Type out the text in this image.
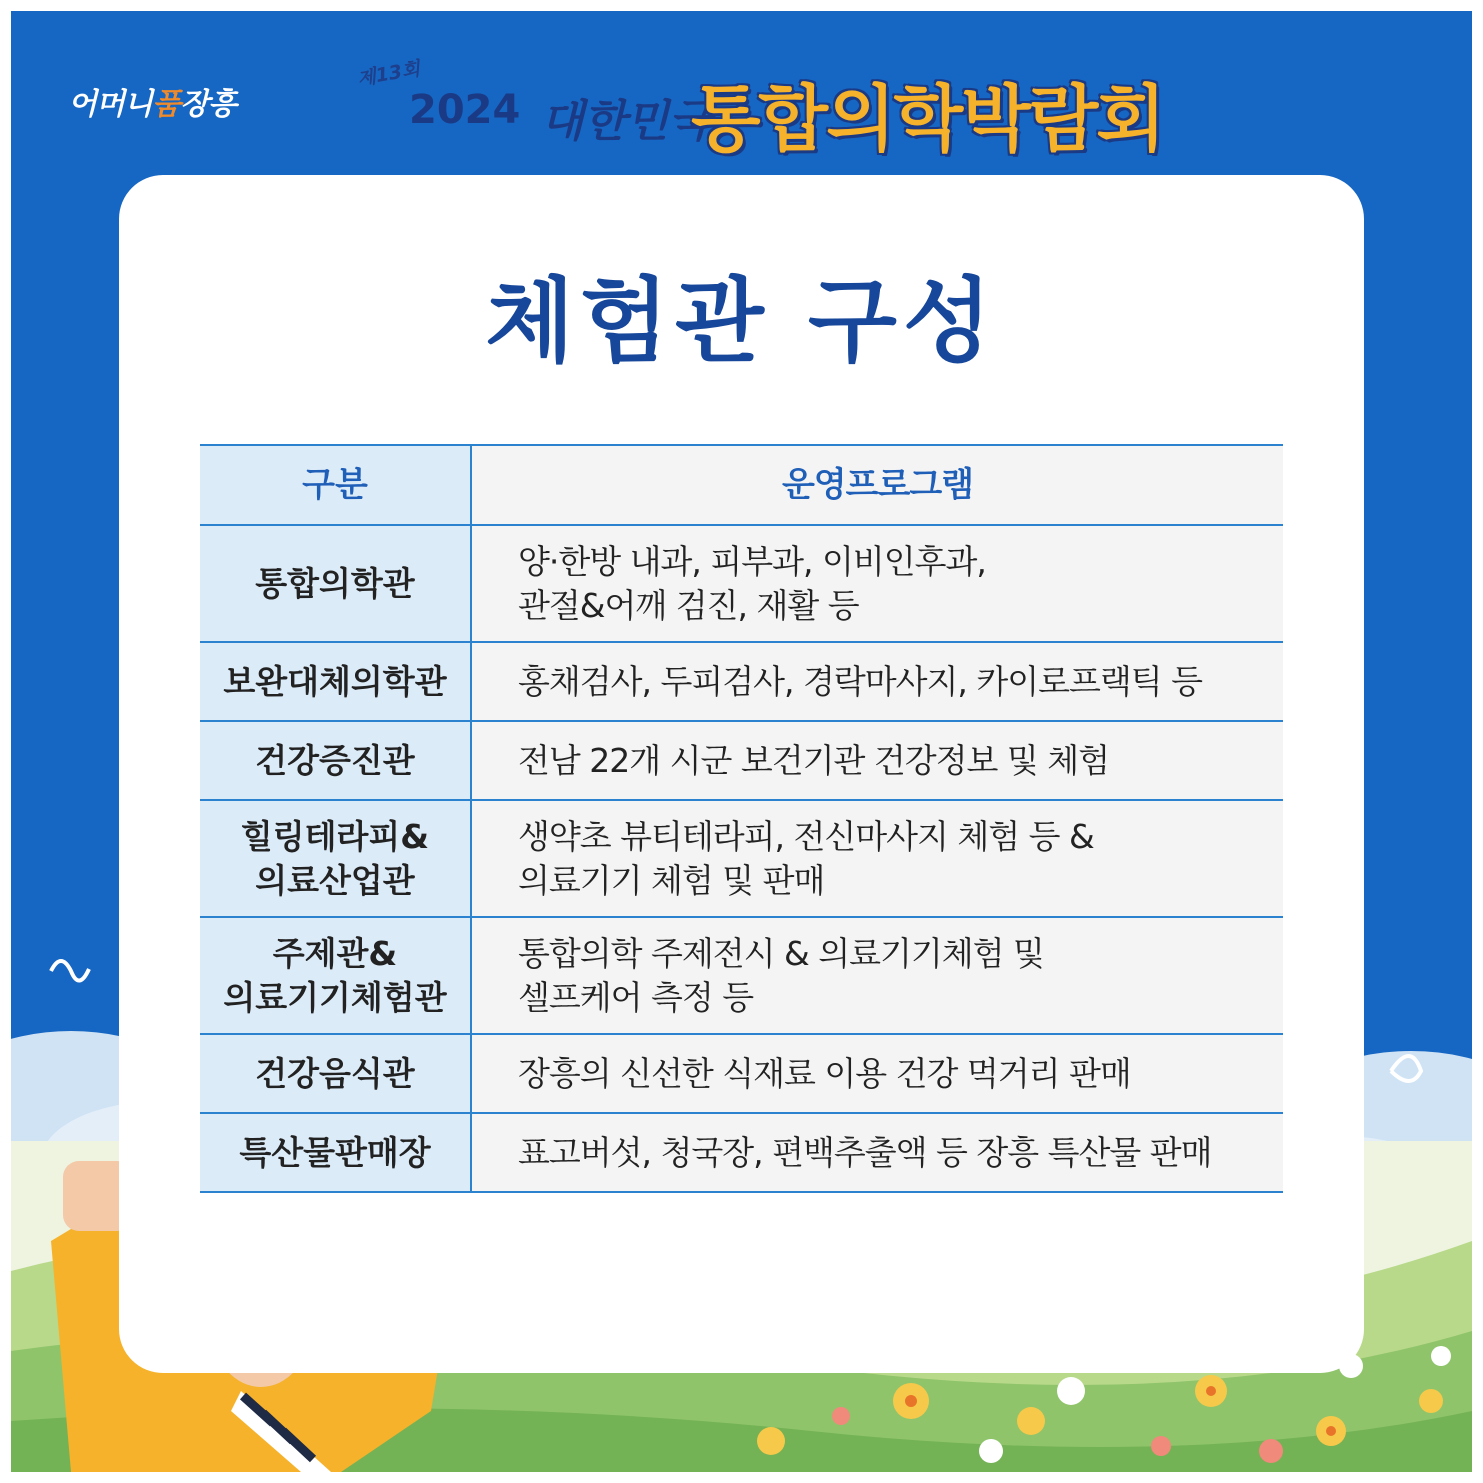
어머니 품 장흥
제13회
2024 대한민국
통합의학박람회
체험관 구성
구분	운영프로그램
통합의학관	양·한방 내과, 피부과, 이비인후과,
관절&어깨 검진, 재활 등

보완대체의학관	홍채검사, 두피검사, 경락마사지, 카이로프랙틱 등

건강증진관	전남 22개 시군 보건기관 건강정보 및 체험

힐링테라피&
의료산업관	생약초 뷰티테라피, 전신마사지 체험 등 &
의료기기 체험 및 판매

주제관&
의료기기체험관	통합의학 주제전시 & 의료기기체험 및
셀프케어 측정 등

건강음식관	장흥의 신선한 식재료 이용 건강 먹거리 판매

특산물판매장	표고버섯, 청국장, 편백추출액 등 장흥 특산물 판매
